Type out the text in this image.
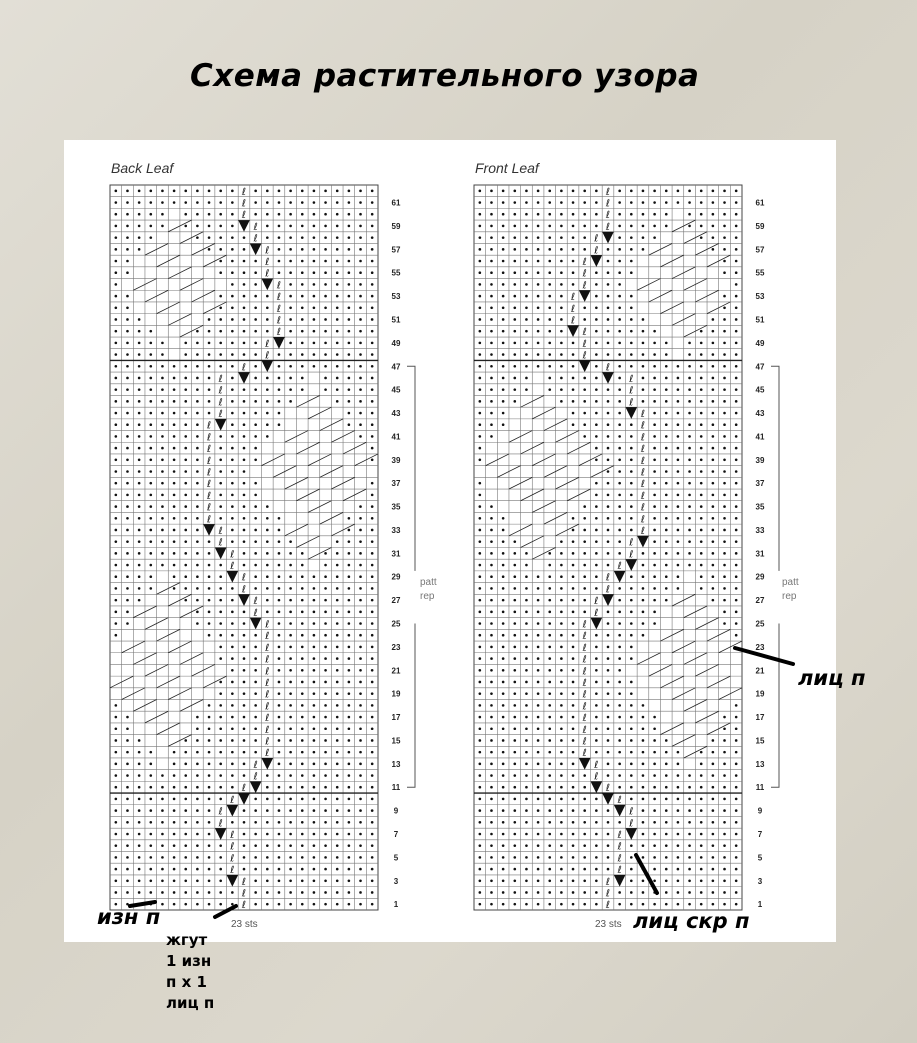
Схема растительного узора
Back Leaf	Front Leaf
23 sts	23 sts
patt
rep
patt
rep
61
59
57
55
53
51
49
47
45
43
41
39
37
35
33
31
29
27
25
23
21
19
17
15
13
11
9
7
5
3
1
61
59
57
55
53
51
49
47
45
43
41
39
37
35
33
31
29
27
25
23
21
19
17
15
13
11
9
7
5
3
1
ℓ
ℓ
ℓ
ℓ
ℓ
ℓ
ℓ
ℓ
ℓ
ℓ
ℓ
ℓ
ℓ
ℓ
ℓ
ℓ
ℓ
ℓ
ℓ
ℓ
ℓ
ℓ
ℓ
ℓ
ℓ
ℓ
ℓ
ℓ
ℓ
ℓ
ℓ
ℓ
ℓ
ℓ
ℓ
ℓ
ℓ
ℓ
ℓ
ℓ
ℓ
ℓ
ℓ
ℓ
ℓ
ℓ
ℓ
ℓ
ℓ
ℓ
ℓ
ℓ
ℓ
ℓ
ℓ
ℓ
ℓ
ℓ
ℓ
ℓ
ℓ
ℓ
ℓ
ℓ
ℓ
ℓ
ℓ
ℓ
ℓ
ℓ
ℓ
ℓ
ℓ
ℓ
ℓ
ℓ
ℓ
ℓ
ℓ
ℓ
ℓ
ℓ
ℓ
ℓ
ℓ
ℓ
ℓ
ℓ
ℓ
ℓ
ℓ
ℓ
ℓ
ℓ
ℓ
ℓ
ℓ
ℓ
ℓ
ℓ
ℓ
ℓ
ℓ
ℓ
ℓ
ℓ
ℓ
ℓ
ℓ
ℓ
ℓ
ℓ
ℓ
ℓ
ℓ
ℓ
ℓ
ℓ
ℓ
ℓ
ℓ
ℓ
ℓ
ℓ
изн п
лиц п
лиц скр п
жгут
1 изн
п x 1
лиц п
